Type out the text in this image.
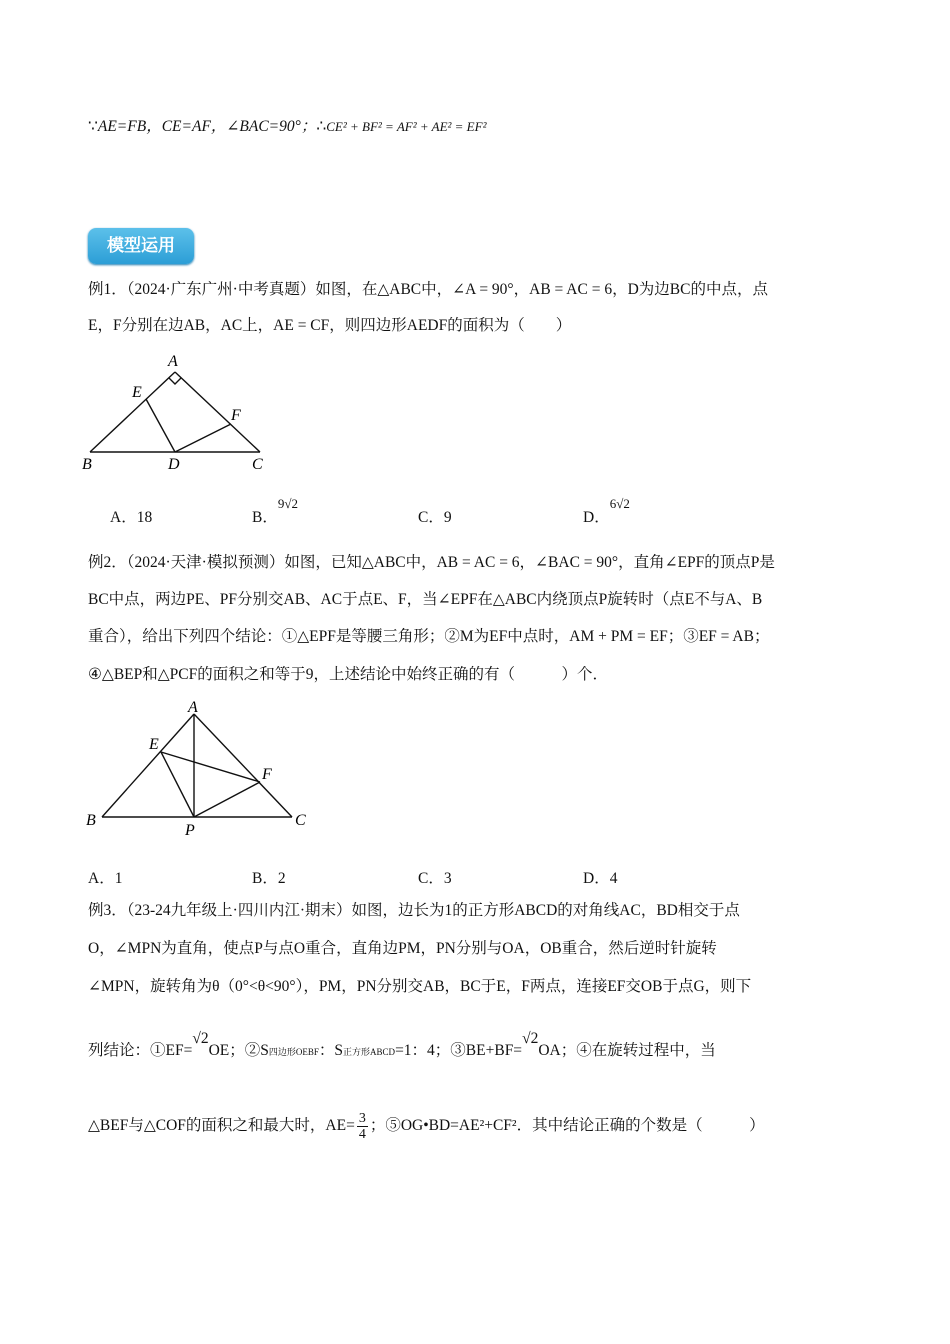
∵AE=FB，CE=AF，∠BAC=90°；∴CE² + BF² = AF² + AE² = EF²
模型运用
例1．（2024·广东广州·中考真题）如图，在△ABC中，∠A = 90°，AB = AC = 6，D为边BC的中点，点
E，F分别在边AB，AC上，AE = CF，则四边形AEDF的面积为（　　）
A
B	C
D
E
F
A．18	B．$^{9√2}$
C．9	D．$^{6√2}$
例2．（2024·天津·模拟预测）如图，已知△ABC中，AB = AC = 6，∠BAC = 90°，直角∠EPF的顶点P是
BC中点，两边PE、PF分别交AB、AC于点E、F，当∠EPF在△ABC内绕顶点P旋转时（点E不与A、B
重合），给出下列四个结论：①△EPF是等腰三角形；②M为EF中点时，AM + PM = EF；③EF = AB；
④△BEP和△PCF的面积之和等于9，上述结论中始终正确的有（　　　）个．
A
B	C
E
F
P
A．1	B．2	C．3	D．4
例3．（23-24九年级上·四川内江·期末）如图，边长为1的正方形ABCD的对角线AC，BD相交于点
O，∠MPN为直角，使点P与点O重合，直角边PM，PN分别与OA，OB重合，然后逆时针旋转
∠MPN，旋转角为θ（0°<θ<90°），PM，PN分别交AB，BC于E，F两点，连接EF交OB于点G，则下
列结论：①EF=√2OE；②S四边形OEBF：S正方形ABCD=1：4；③BE+BF=√2OA；④在旋转过程中，当
△BEF与△COF的面积之和最大时，$AE= \frac{3}{4}$ ；⑤OG•BD=AE²+CF²．其中结论正确的个数是（　　　）
